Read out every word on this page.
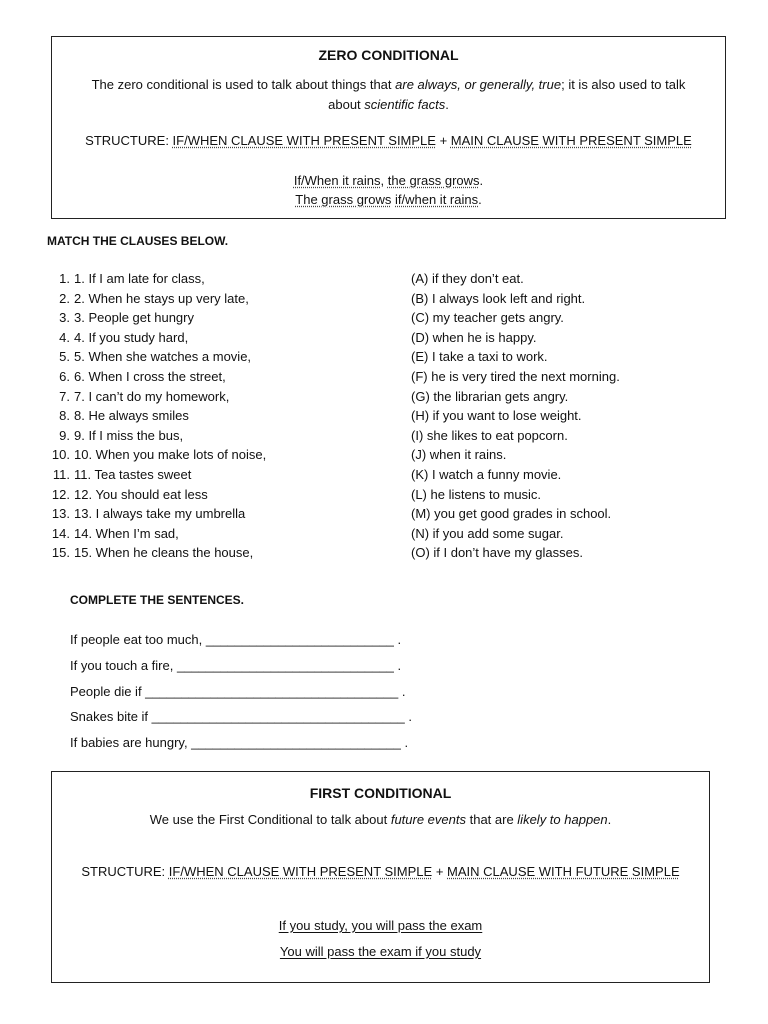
ZERO CONDITIONAL
The zero conditional is used to talk about things that are always, or generally, true; it is also used to talk
about scientific facts.
STRUCTURE: IF/WHEN CLAUSE WITH PRESENT SIMPLE + MAIN CLAUSE WITH PRESENT SIMPLE
If/When it rains, the grass grows.
The grass grows if/when it rains.
MATCH THE CLAUSES BELOW.
1. 1. If I am late for class,	(A) if they don’t eat.
2. 2. When he stays up very late,	(B) I always look left and right.
3. 3. People get hungry	(C) my teacher gets angry.
4. 4. If you study hard,	(D) when he is happy.
5. 5. When she watches a movie,	(E) I take a taxi to work.
6. 6. When I cross the street,	(F) he is very tired the next morning.
7. 7. I can’t do my homework,	(G) the librarian gets angry.
8. 8. He always smiles	(H) if you want to lose weight.
9. 9. If I miss the bus,	(I) she likes to eat popcorn.
10. 10. When you make lots of noise,	(J) when it rains.
11. 11. Tea tastes sweet	(K) I watch a funny movie.
12. 12. You should eat less	(L) he listens to music.
13. 13. I always take my umbrella	(M) you get good grades in school.
14. 14. When I’m sad,	(N) if you add some sugar.
15. 15. When he cleans the house,	(O) if I don’t have my glasses.
COMPLETE THE SENTENCES.
If people eat too much, __________________________ .
If you touch a fire, ______________________________ .
People die if ___________________________________ .
Snakes bite if ___________________________________ .
If babies are hungry, _____________________________ .
FIRST CONDITIONAL
We use the First Conditional to talk about future events that are likely to happen.
STRUCTURE: IF/WHEN CLAUSE WITH PRESENT SIMPLE + MAIN CLAUSE WITH FUTURE SIMPLE
If you study, you will pass the exam
You will pass the exam if you study
